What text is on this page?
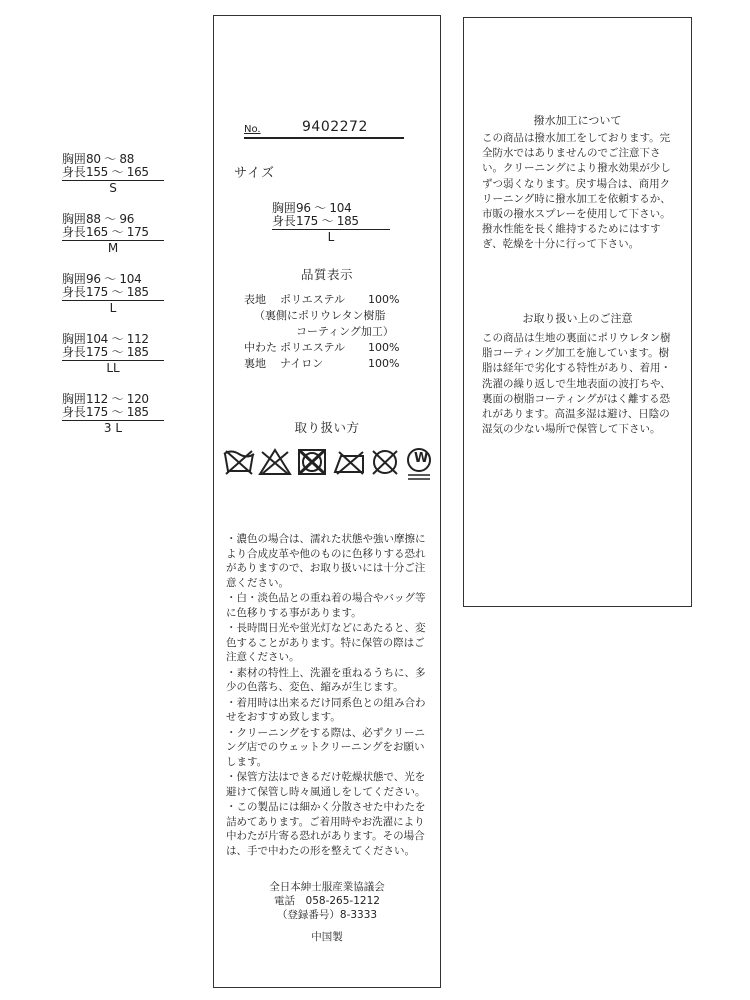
胸囲 80 ～ 88
身長 155 ～ 165
S
胸囲 88 ～ 96
身長 165 ～ 175
M
胸囲 96 ～ 104
身長 175 ～ 185
L
胸囲 104 ～ 112
身長 175 ～ 185
LL
胸囲 112 ～ 120
身長 175 ～ 185
3 L
No.	9402272
サイズ
胸囲 96 ～ 104
身長 175 ～ 185
L
品質表示
表地	ポリエステル	100%
（裏側にポリウレタン樹脂
コーティング加工）
中わた ポリエステル	100%
裏地	ナイロン	100%
取り扱い方
W

・濃色の場合は、濡れた状態や強い摩擦により合成皮革や他のものに色移りする恐れがありますので、お取り扱いには十分ご注意ください。

・白・淡色品との重ね着の場合やバッグ等に色移りする事があります。

・長時間日光や蛍光灯などにあたると、変色することがあります。特に保管の際はご注意ください。

・素材の特性上、洗濯を重ねるうちに、多少の色落ち、変色、縮みが生じます。

・着用時は出来るだけ同系色との組み合わせをおすすめ致します。

・クリーニングをする際は、必ずクリーニング店でのウェットクリーニングをお願いします。

・保管方法はできるだけ乾燥状態で、光を避けて保管し時々風通しをしてください。

・この製品には細かく分散させた中わたを詰めてあります。ご着用時やお洗濯により中わたが片寄る恐れがあります。その場合は、手で中わたの形を整えてください。

全日本紳士服産業協議会
電話　058-265-1212
（登録番号）8-3333
中国製
撥水加工について
この商品は撥水加工をしております。完全防水ではありませんのでご注意下さい。クリーニングにより撥水効果が少しずつ弱くなります。戻す場合は、商用クリーニング時に撥水加工を依頼するか、市販の撥水スプレーを使用して下さい。撥水性能を長く維持するためにはすすぎ、乾燥を十分に行って下さい。
お取り扱い上のご注意
この商品は生地の裏面にポリウレタン樹脂コーティング加工を施しています。樹脂は経年で劣化する特性があり、着用・洗濯の繰り返しで生地表面の波打ちや、裏面の樹脂コーティングがはく離する恐れがあります。高温多湿は避け、日陰の湿気の少ない場所で保管して下さい。
